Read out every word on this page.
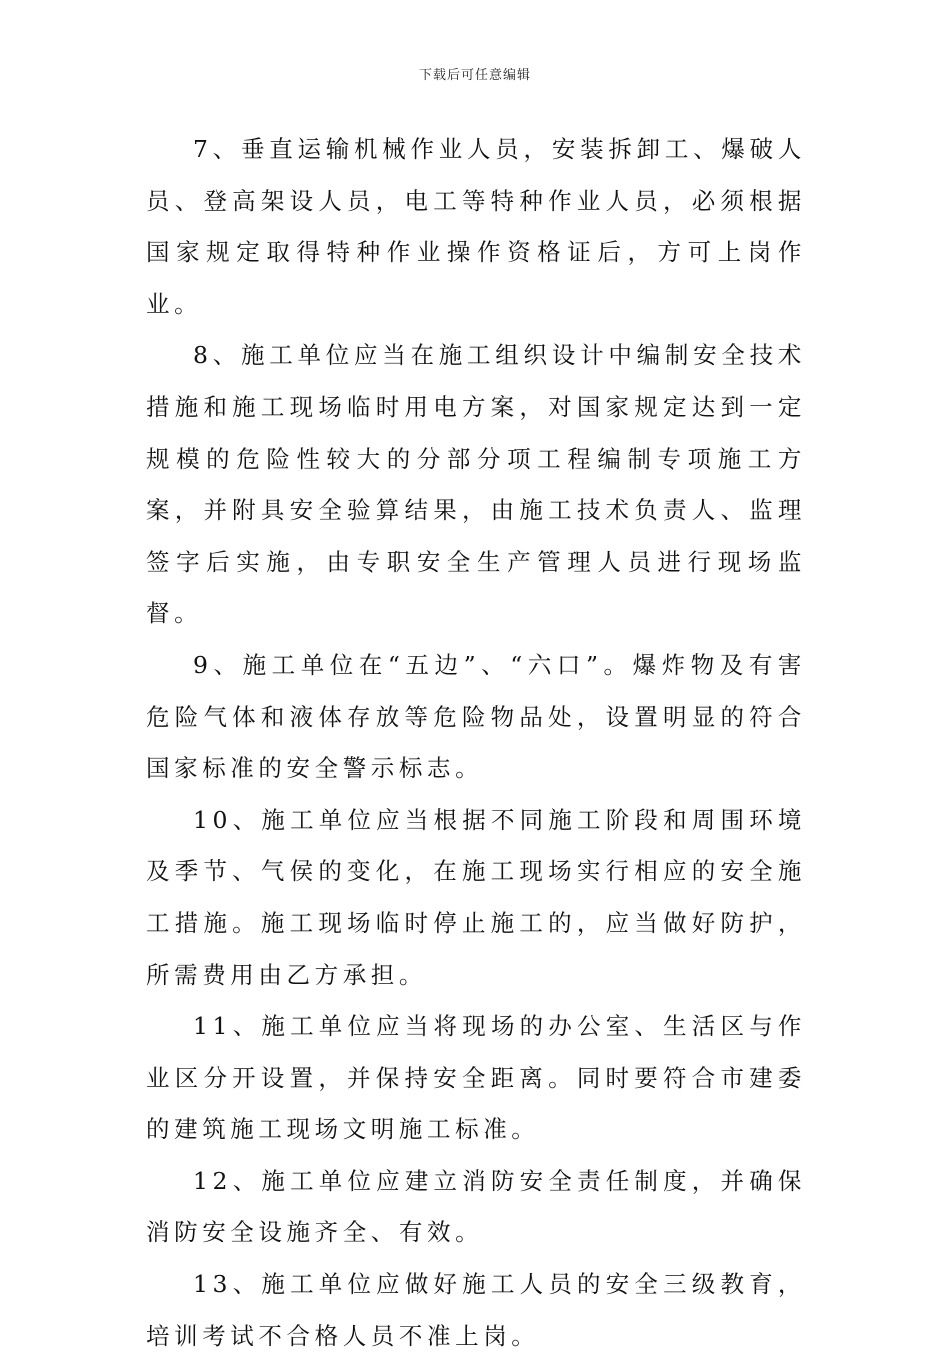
下载后可任意编辑

7、垂直运输机械作业人员，安装拆卸工、爆破人员、登高架设人员，电工等特种作业人员，必须根据国家规定取得特种作业操作资格证后，方可上岗作业。

8、施工单位应当在施工组织设计中编制安全技术措施和施工现场临时用电方案，对国家规定达到一定规模的危险性较大的分部分项工程编制专项施工方案，并附具安全验算结果，由施工技术负责人、监理签字后实施，由专职安全生产管理人员进行现场监督。

9、施工单位在“五边”、“六口”。爆炸物及有害危险气体和液体存放等危险物品处，设置明显的符合国家标准的安全警示标志。

10、施工单位应当根据不同施工阶段和周围环境及季节、气侯的变化，在施工现场实行相应的安全施工措施。施工现场临时停止施工的，应当做好防护，所需费用由乙方承担。

11、施工单位应当将现场的办公室、生活区与作业区分开设置，并保持安全距离。同时要符合市建委的建筑施工现场文明施工标准。

12、施工单位应建立消防安全责任制度，并确保消防安全设施齐全、有效。

13、施工单位应做好施工人员的安全三级教育，培训考试不合格人员不准上岗。
